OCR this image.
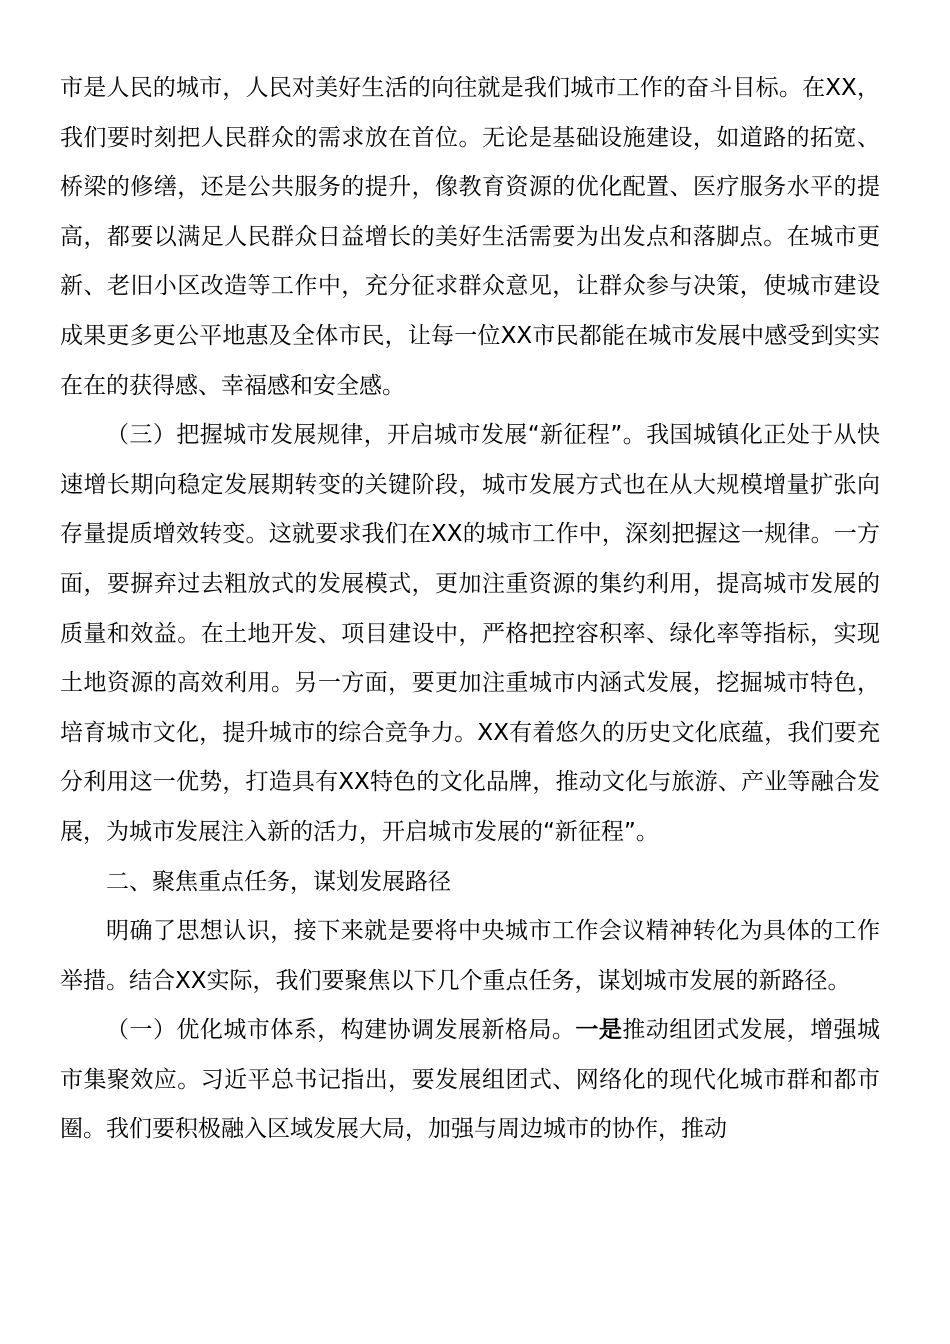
市是人民的城市，人民对美好生活的向往就是我们城市工作的奋斗目标。在XX，我们要时刻把人民群众的需求放在首位。无论是基础设施建设，如道路的拓宽、桥梁的修缮，还是公共服务的提升，像教育资源的优化配置、医疗服务水平的提高，都要以满足人民群众日益增长的美好生活需要为出发点和落脚点。在城市更新、老旧小区改造等工作中，充分征求群众意见，让群众参与决策，使城市建设成果更多更公平地惠及全体市民，让每一位XX市民都能在城市发展中感受到实实在在的获得感、幸福感和安全感。

（三）把握城市发展规律，开启城市发展“新征程”。我国城镇化正处于从快速增长期向稳定发展期转变的关键阶段，城市发展方式也在从大规模增量扩张向存量提质增效转变。这就要求我们在XX的城市工作中，深刻把握这一规律。一方面，要摒弃过去粗放式的发展模式，更加注重资源的集约利用，提高城市发展的质量和效益。在土地开发、项目建设中，严格把控容积率、绿化率等指标，实现土地资源的高效利用。另一方面，要更加注重城市内涵式发展，挖掘城市特色，培育城市文化，提升城市的综合竞争力。XX有着悠久的历史文化底蕴，我们要充分利用这一优势，打造具有XX特色的文化品牌，推动文化与旅游、产业等融合发展，为城市发展注入新的活力，开启城市发展的“新征程”。

二、聚焦重点任务，谋划发展路径

明确了思想认识，接下来就是要将中央城市工作会议精神转化为具体的工作举措。结合XX实际，我们要聚焦以下几个重点任务，谋划城市发展的新路径。

（一）优化城市体系，构建协调发展新格局。一是推动组团式发展，增强城市集聚效应。习近平总书记指出，要发展组团式、网络化的现代化城市群和都市圈。我们要积极融入区域发展大局，加强与周边城市的协作，推动
